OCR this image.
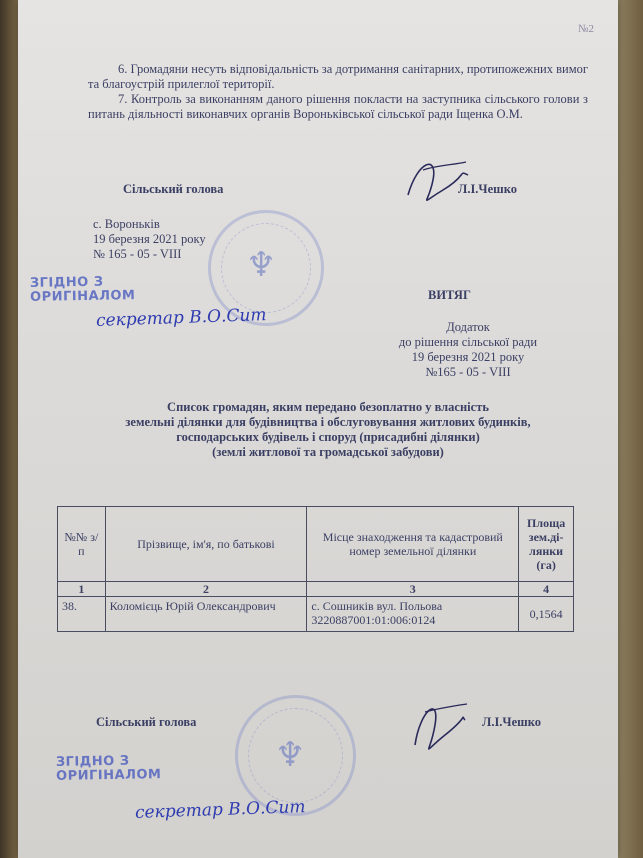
№2
6. Громадяни несуть відповідальність за дотримання санітарних, протипожежних вимог та благоустрій прилеглої території.
7. Контроль за виконанням даного рішення покласти на заступника сільського голови з питань діяльності виконавчих органів Вороньківської сільської ради Іщенка О.М.
Сільський голова	Л.І.Чешко
с. Вороньків
19 березня 2021 року
№ 165 - 05 - VIII ♆
ЗГІДНО З
ОРИГІНАЛОМ
секретар В.О.Сит
ВИТЯГ
Додаток
до рішення сільської ради
19 березня 2021 року
№165 - 05 - VIII
Список громадян, яким передано безоплатно у власність
земельні ділянки для будівництва і обслуговування житлових будинків,
господарських будівель і споруд (присадибні ділянки)
(землі житлової та громадської забудови)
№№ з/п	Прізвище, ім'я, по батькові	Місце знаходження та кадастровий номер земельної ділянки	Площа зем.ді-лянки (га)
1	2	3	4
38.	Коломієць Юрій Олександрович	с. Сошників вул. Польова
3220887001:01:006:0124	0,1564
Сільський голова	Л.І.Чешко
♆
ЗГІДНО З
ОРИГІНАЛОМ
секретар В.О.Сит
